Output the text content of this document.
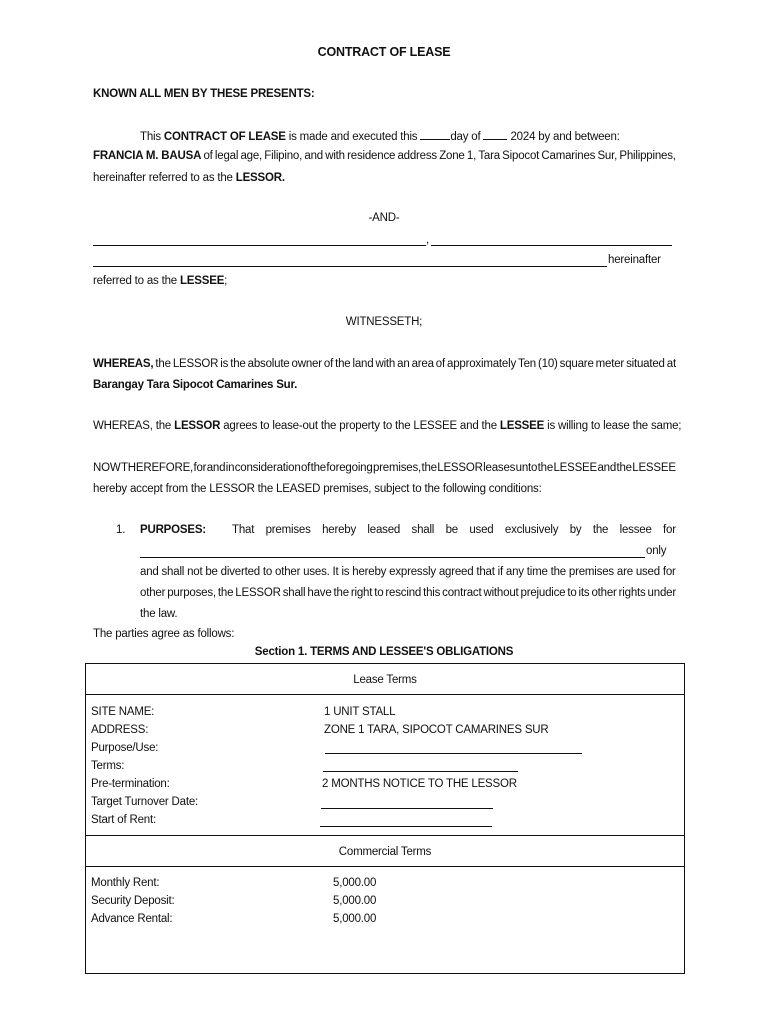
CONTRACT OF LEASE
KNOWN ALL MEN BY THESE PRESENTS:
This CONTRACT OF LEASE is made and executed this	day of  2024 by and between:
FRANCIA M. BAUSA of legal age, Filipino, and with residence address Zone 1, Tara Sipocot Camarines Sur, Philippines,
hereinafter referred to as the LESSOR.
-AND-
,
hereinafter
referred to as the LESSEE;
WITNESSETH;
WHEREAS, the LESSOR is the absolute owner of the land with an area of approximately Ten (10) square meter situated at
Barangay Tara Sipocot Camarines Sur.
WHEREAS, the LESSOR agrees to lease-out the property to the LESSEE and the LESSEE is willing to lease the same;
NOW THEREFORE, for and in consideration of the foregoing premises, the LESSOR leases unto the LESSEE and the LESSEE
hereby accept from the LESSOR the LEASED premises, subject to the following conditions:
1. PURPOSES: That premises hereby leased shall be used exclusively by the lessee for
only
and shall not be diverted to other uses. It is hereby expressly agreed that if any time the premises are used for
other purposes, the LESSOR shall have the right to rescind this contract without prejudice to its other rights under
the law.
The parties agree as follows:
Section 1. TERMS AND LESSEE'S OBLIGATIONS
Lease Terms
SITE NAME:	1 UNIT STALL
ADDRESS:	ZONE 1 TARA, SIPOCOT CAMARINES SUR
Purpose/Use:
Terms:
Pre-termination:	2 MONTHS NOTICE TO THE LESSOR
Target Turnover Date:
Start of Rent:
Commercial Terms
Monthly Rent:	5,000.00
Security Deposit:	5,000.00
Advance Rental:	5,000.00
